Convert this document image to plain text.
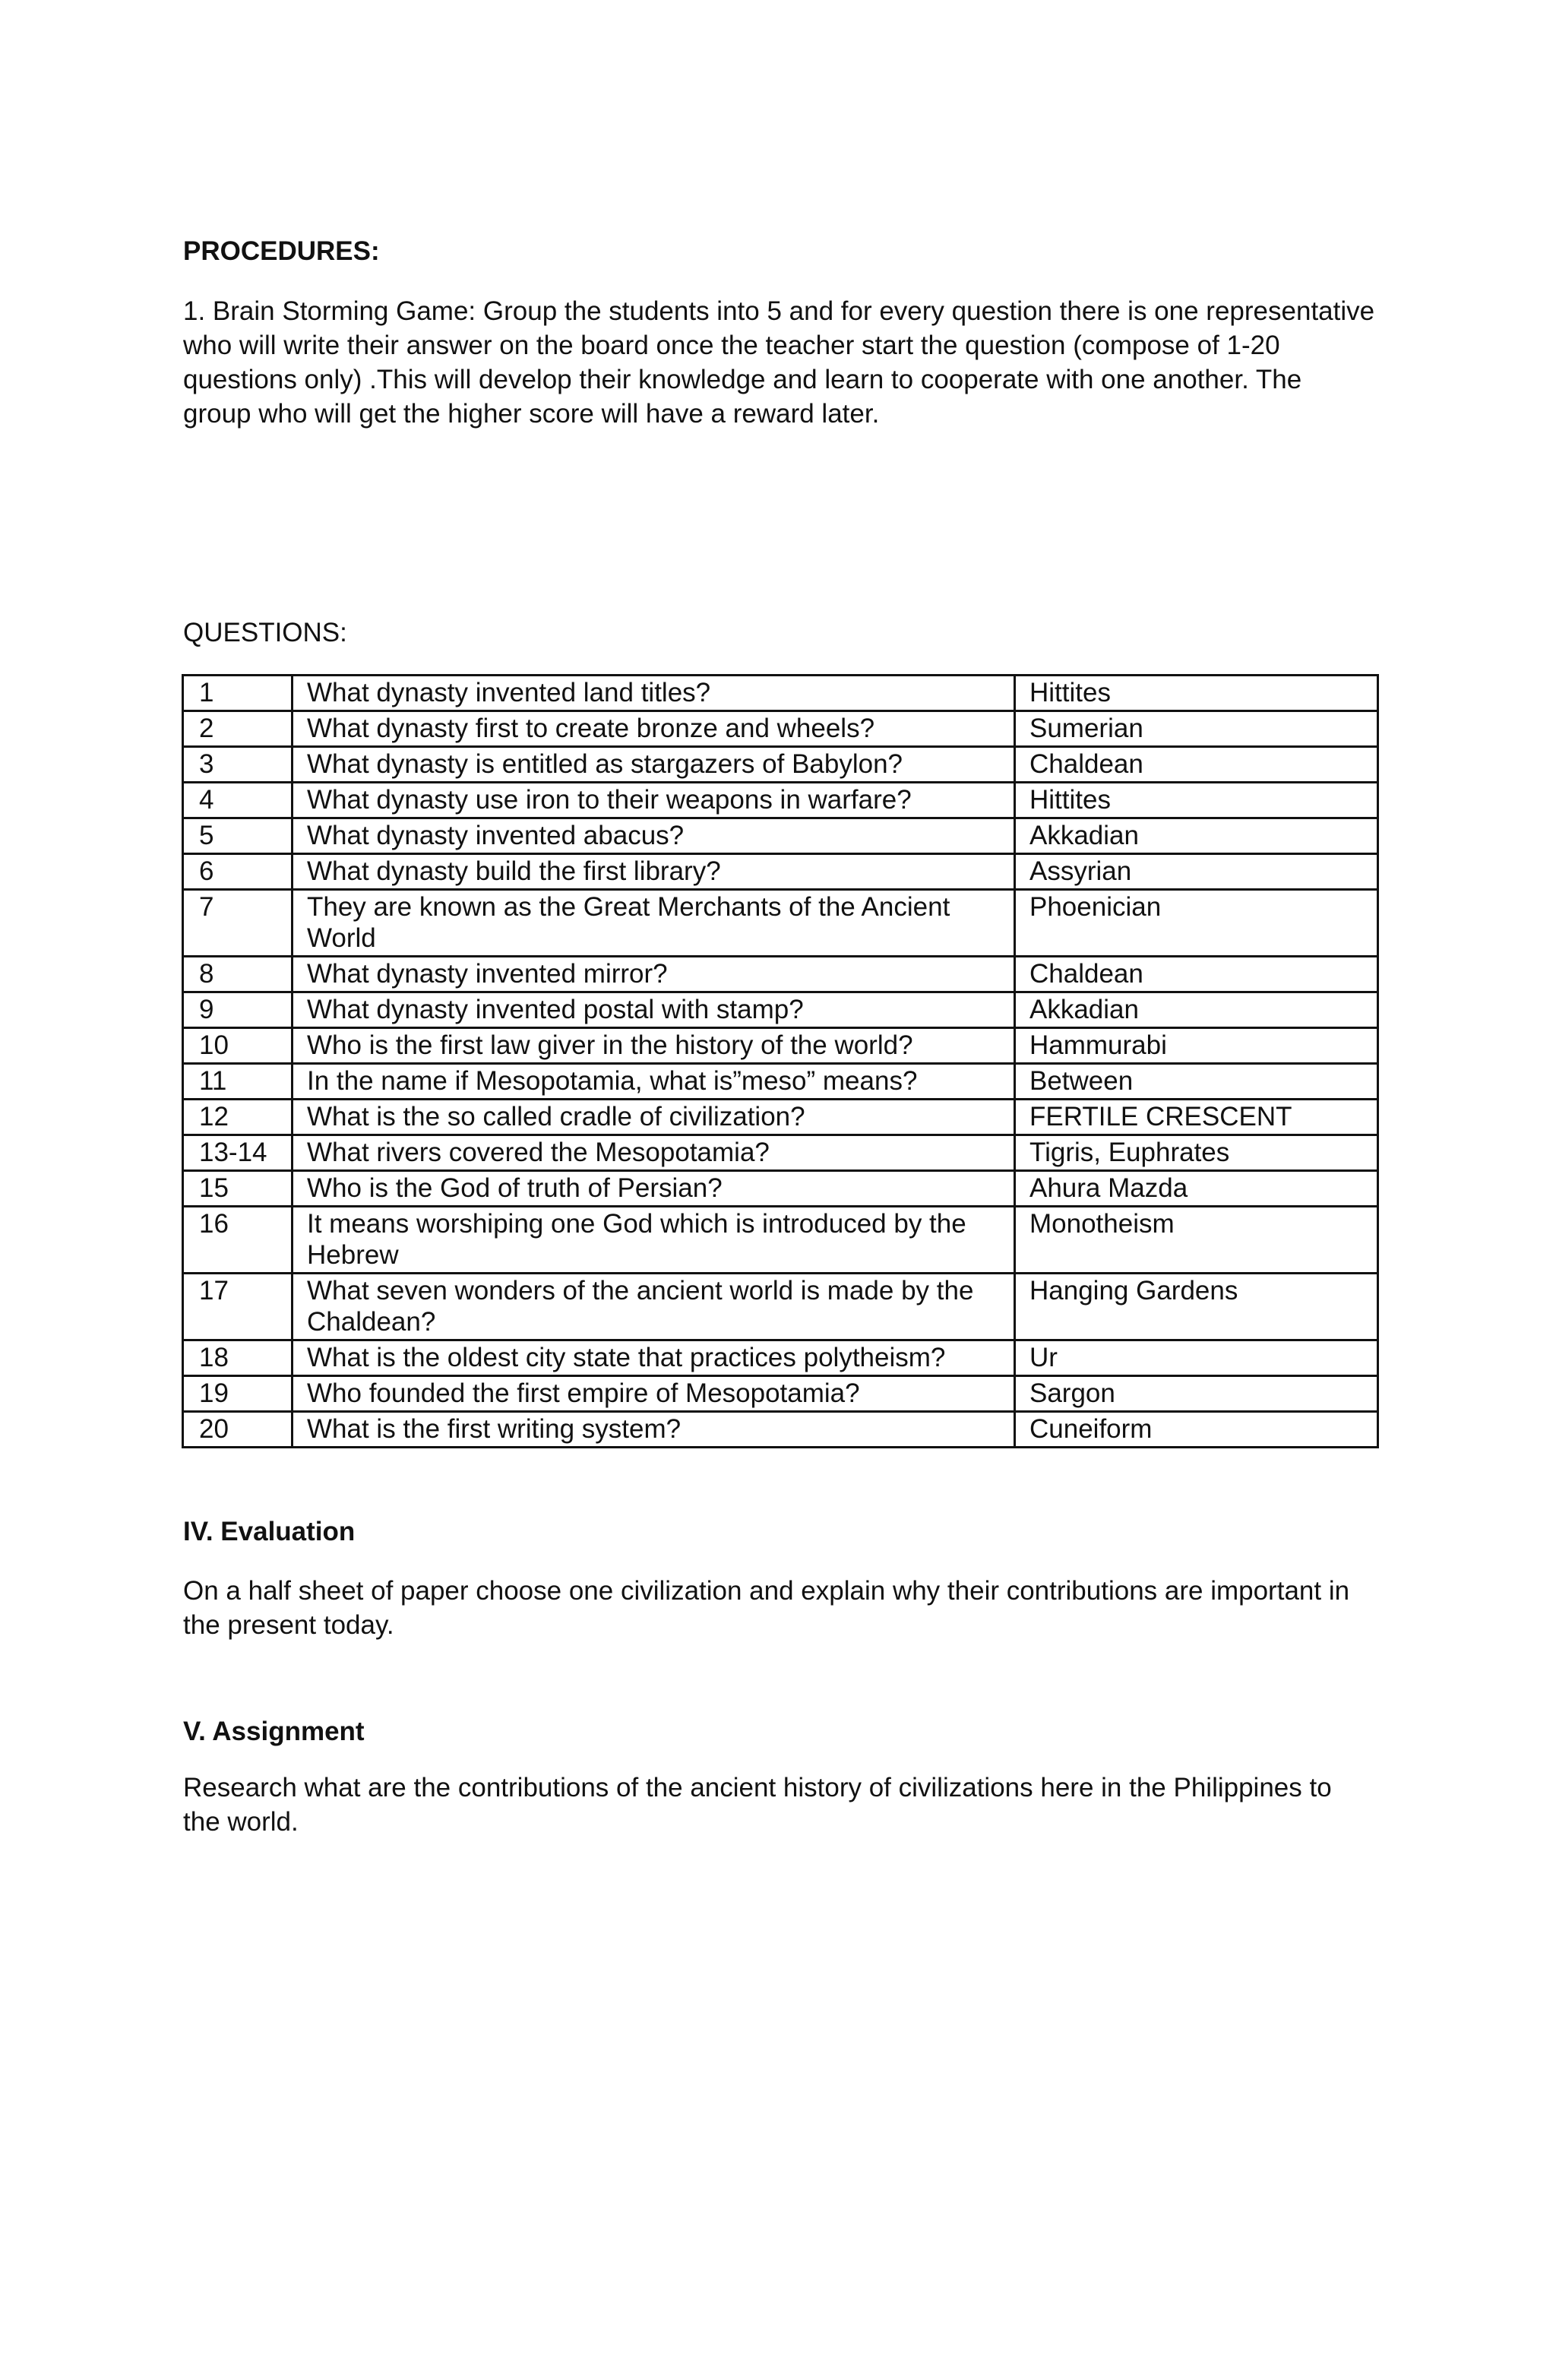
PROCEDURES:

1. Brain Storming Game: Group the students into 5 and for every question there is one representative who will write their answer on the board once the teacher start the question (compose of 1-20 questions only) .This will develop their knowledge and learn to cooperate with one another. The group who will get the higher score will have a reward later.

QUESTIONS:

1	What dynasty invented land titles?	Hittites
2	What dynasty first to create bronze and wheels?	Sumerian
3	What dynasty is entitled as stargazers of Babylon?	Chaldean
4	What dynasty use iron to their weapons in warfare?	Hittites
5	What dynasty invented abacus?	Akkadian
6	What dynasty build the first library?	Assyrian
7	They are known as the Great Merchants of the Ancient World	Phoenician
8	What dynasty invented mirror?	Chaldean
9	What dynasty invented postal with stamp?	Akkadian
10	Who is the first law giver in the history of the world?	Hammurabi
11	In the name if Mesopotamia, what is”meso” means?	Between
12	What is the so called cradle of civilization?	FERTILE CRESCENT
13-14	What rivers covered the Mesopotamia?	Tigris, Euphrates
15	Who is the God of truth of Persian?	Ahura Mazda
16	It means worshiping one God which is introduced by the Hebrew	Monotheism
17	What seven wonders of the ancient world is made by the Chaldean?	Hanging Gardens
18	What is the oldest city state that practices polytheism?	Ur
19	Who founded the first empire of Mesopotamia?	Sargon
20	What is the first writing system?	Cuneiform

IV. Evaluation

On a half sheet of paper choose one civilization and explain why their contributions are important in the present today.

V. Assignment

Research what are the contributions of the ancient history of civilizations here in the Philippines to the world.
